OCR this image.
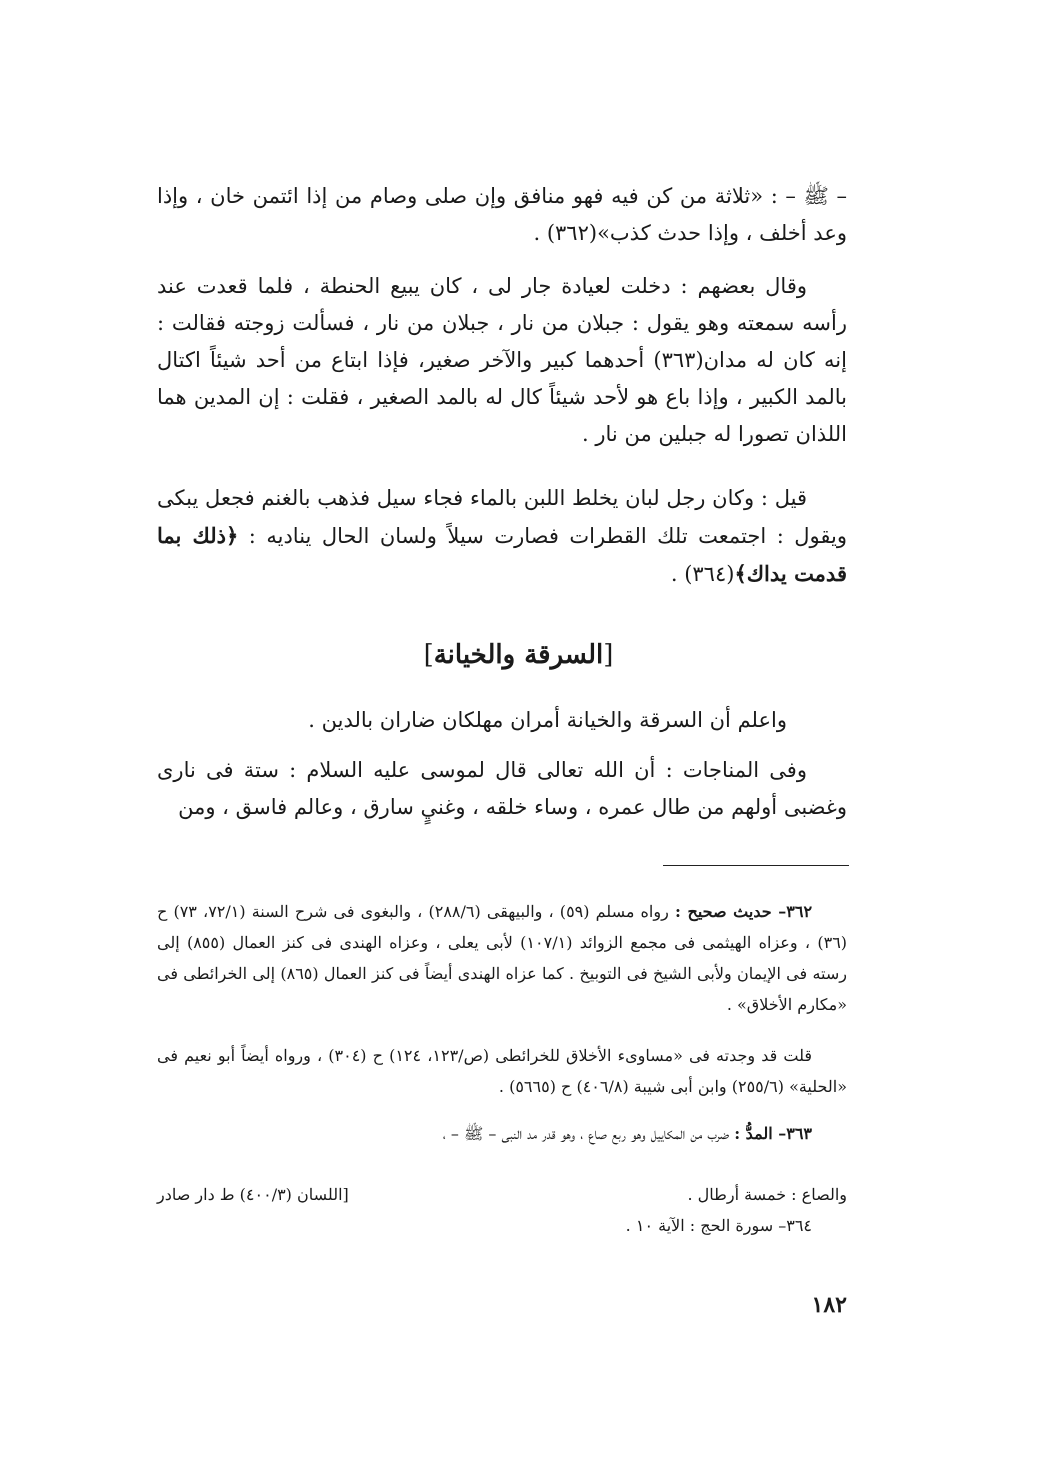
– ﷺ – : «ثلاثة من كن فيه فهو منافق وإن صلى وصام من إذا ائتمن خان ، وإذا وعد أخلف ، وإذا حدث كذب»(٣٦٢) .

وقال بعضهم : دخلت لعيادة جار لى ، كان يبيع الحنطة ، فلما قعدت عند رأسه سمعته وهو يقول : جبلان من نار ، جبلان من نار ، فسألت زوجته فقالت : إنه كان له مدان(٣٦٣) أحدهما كبير والآخر صغير، فإذا ابتاع من أحد شيئاً اكتال بالمد الكبير ، وإذا باع هو لأحد شيئاً كال له بالمد الصغير ، فقلت : إن المدين هما اللذان تصورا له جبلين من نار .

قيل : وكان رجل لبان يخلط اللبن بالماء فجاء سيل فذهب بالغنم فجعل يبكى ويقول : اجتمعت تلك القطرات فصارت سيلاً ولسان الحال يناديه : ﴿ذلك بما قدمت يداك﴾(٣٦٤) .

[السرقة والخيانة]

واعلم أن السرقة والخيانة أمران مهلكان ضاران بالدين .

وفى المناجات : أن الله تعالى قال لموسى عليه السلام : ستة فى نارى وغضبى أولهم من طال عمره ، وساء خلقه ، وغنيٍ سارق ، وعالم فاسق ، ومن

٣٦٢– حديث صحيح : رواه مسلم (٥٩) ، والبيهقى (٢٨٨/٦) ، والبغوى فى شرح السنة (٧٢/١، ٧٣) ح (٣٦) ، وعزاه الهيثمى فى مجمع الزوائد (١٠٧/١) لأبى يعلى ، وعزاه الهندى فى كنز العمال (٨٥٥) إلى رسته فى الإيمان ولأبى الشيخ فى التوبيخ . كما عزاه الهندى أيضاً فى كنز العمال (٨٦٥) إلى الخرائطى فى «مكارم الأخلاق» .

قلت قد وجدته فى «مساوىء الأخلاق للخرائطى (ص/١٢٣، ١٢٤) ح (٣٠٤) ، ورواه أيضاً أبو نعيم فى «الحلية» (٢٥٥/٦) وابن أبى شيبة (٤٠٦/٨) ح (٥٦٦٥) .

٣٦٣– المدُّ : ضرب من المكاييل وهو ربع صاع ، وهو قدر مد النبى – ﷺ – ،

والصاع : خمسة أرطال .
[اللسان (٤٠٠/٣) ط دار صادر

٣٦٤– سورة الحج : الآية ١٠ .

١٨٢
